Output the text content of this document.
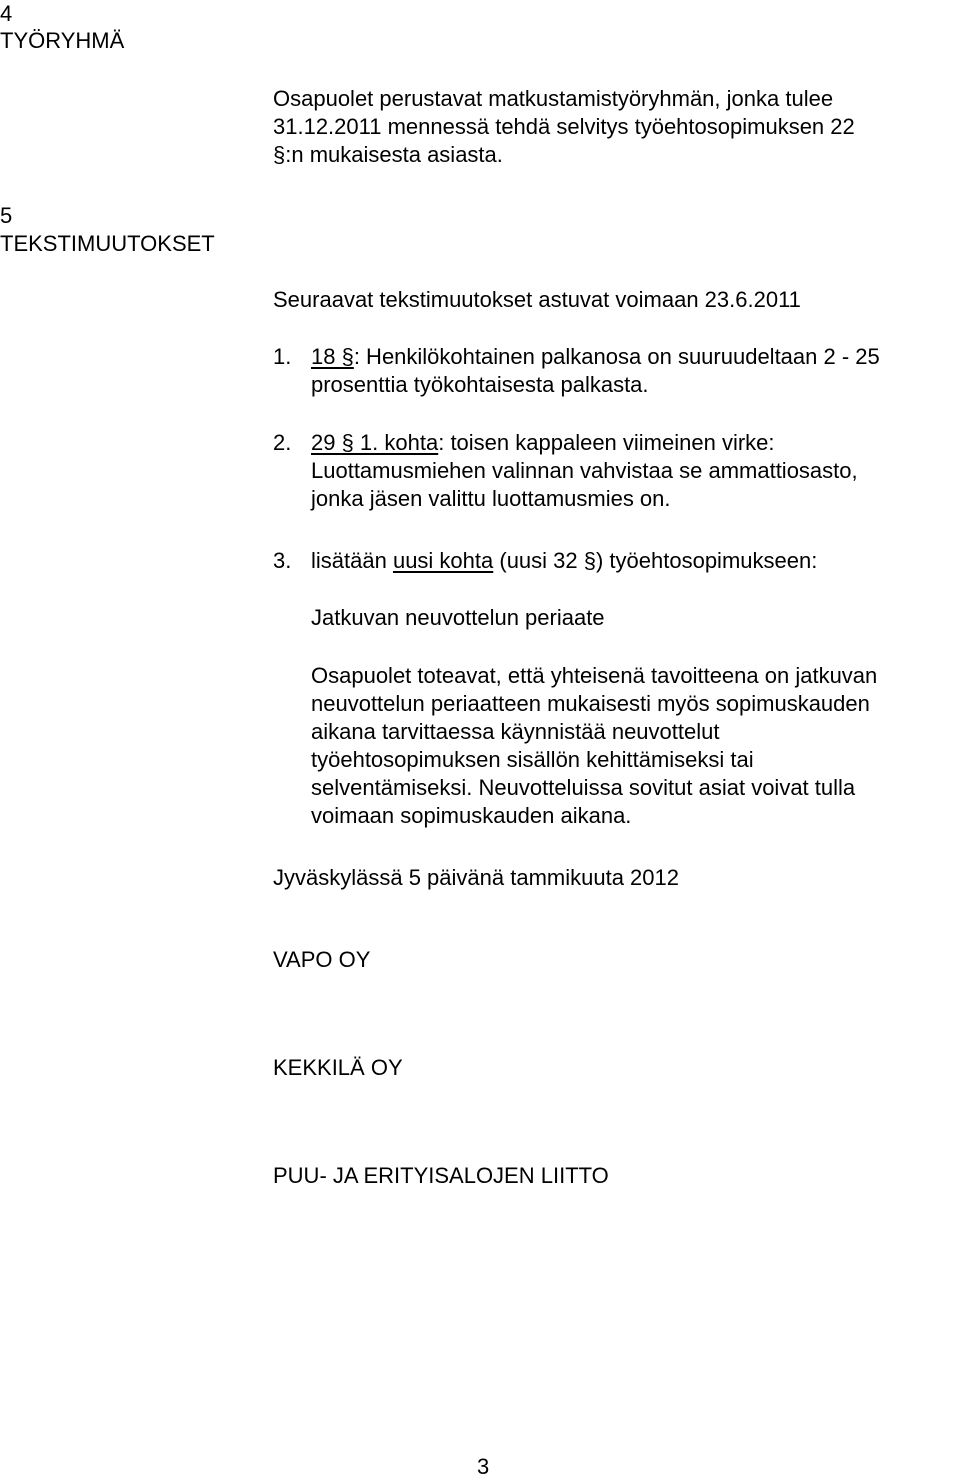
4
TYÖRYHMÄ
Osapuolet perustavat matkustamistyöryhmän, jonka tulee
31.12.2011 mennessä tehdä selvitys työehtosopimuksen 22
§:n mukaisesta asiasta.
5
TEKSTIMUUTOKSET
Seuraavat tekstimuutokset astuvat voimaan 23.6.2011
1. 18 §: Henkilökohtainen palkanosa on suuruudeltaan 2 - 25
prosenttia työkohtaisesta palkasta.
2. 29 § 1. kohta: toisen kappaleen viimeinen virke:
Luottamusmiehen valinnan vahvistaa se ammattiosasto,
jonka jäsen valittu luottamusmies on.
3. lisätään uusi kohta (uusi 32 §) työehtosopimukseen:
Jatkuvan neuvottelun periaate
Osapuolet toteavat, että yhteisenä tavoitteena on jatkuvan
neuvottelun periaatteen mukaisesti myös sopimuskauden
aikana tarvittaessa käynnistää neuvottelut
työehtosopimuksen sisällön kehittämiseksi tai
selventämiseksi. Neuvotteluissa sovitut asiat voivat tulla
voimaan sopimuskauden aikana.
Jyväskylässä 5 päivänä tammikuuta 2012
VAPO OY
KEKKILÄ OY
PUU- JA ERITYISALOJEN LIITTO
3
